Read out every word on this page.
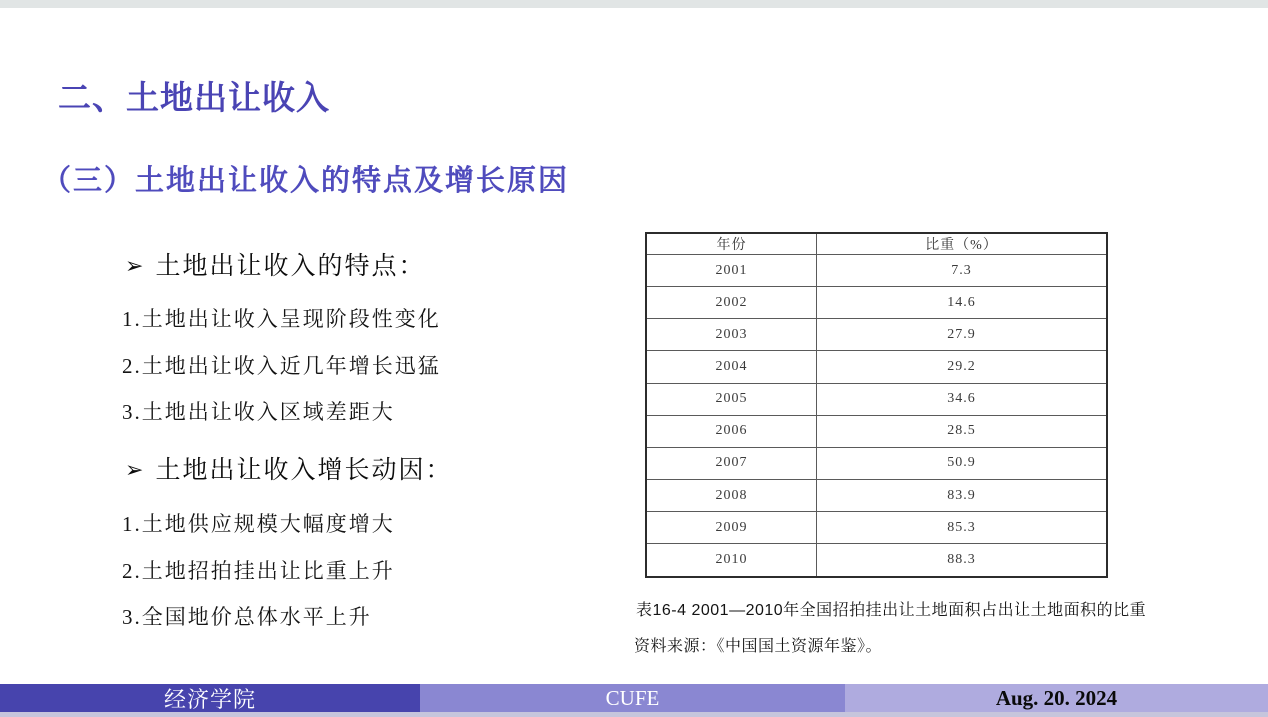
二、土地出让收入
（三）土地出让收入的特点及增长原因
➢ 土地出让收入的特点：
1.土地出让收入呈现阶段性变化
2.土地出让收入近几年增长迅猛
3.土地出让收入区域差距大
➢ 土地出让收入增长动因：
1.土地供应规模大幅度增大
2.土地招拍挂出让比重上升
3.全国地价总体水平上升
年份	比重（%）
2001	7.3
2002	14.6
2003	27.9
2004	29.2
2005	34.6
2006	28.5
2007	50.9
2008	83.9
2009	85.3
2010	88.3
表16-4 2001—2010年全国招拍挂出让土地面积占出让土地面积的比重
资料来源：《中国国土资源年鉴》。
经济学院	CUFE	Aug. 20. 2024
